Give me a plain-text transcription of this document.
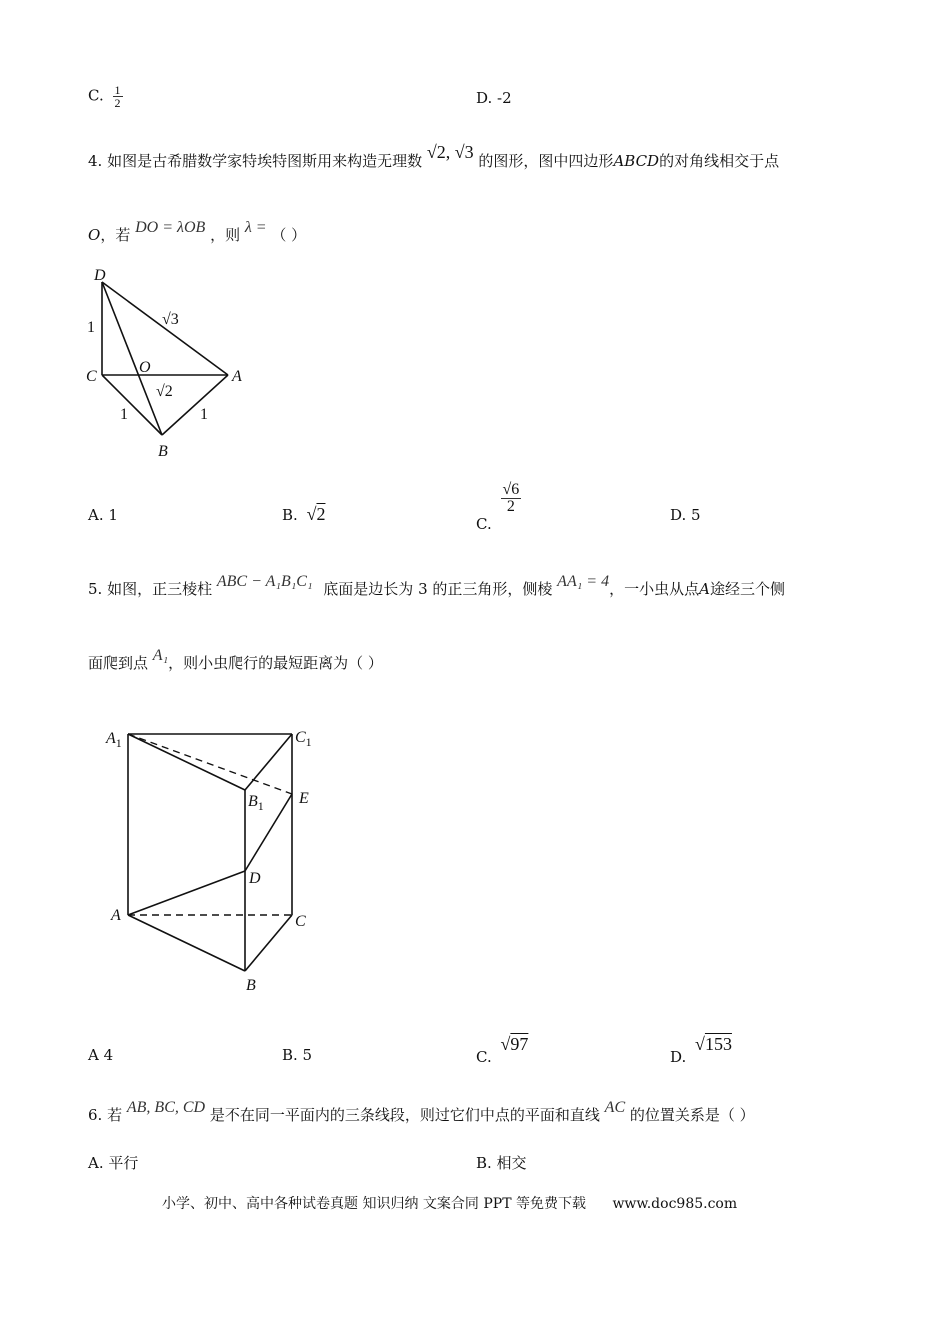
C. $\frac{1}{2}$	D. -2
4. 如图是古希腊数学家特埃特图斯用来构造无理数 √2, √3 的图形，图中四边形ABCD的对角线相交于点
O，若 DO = λOB ，则 λ = （ ）
D
C
O
A
B
1	√3
√2
1	1
A. 1	B. √2	C.
$\frac{√6}{2}$	D. 5
5. 如图，正三棱柱 ABC − A₁B₁C₁ 底面是边长为 3 的正三角形，侧棱 AA₁ = 4，一小虫从点A途经三个侧
面爬到点 A₁，则小虫爬行的最短距离为（ ）
$A_1$	$C_1$
$B_1$ E
D
A	C
B
A 4	B. 5	C. √97
D. √153
6. 若 AB, BC, CD 是不在同一平面内的三条线段，则过它们中点的平面和直线 AC 的位置关系是（ ）
A. 平行	B. 相交
小学、初中、高中各种试卷真题 知识归纳 文案合同 PPT 等免费下载 www.doc985.com
